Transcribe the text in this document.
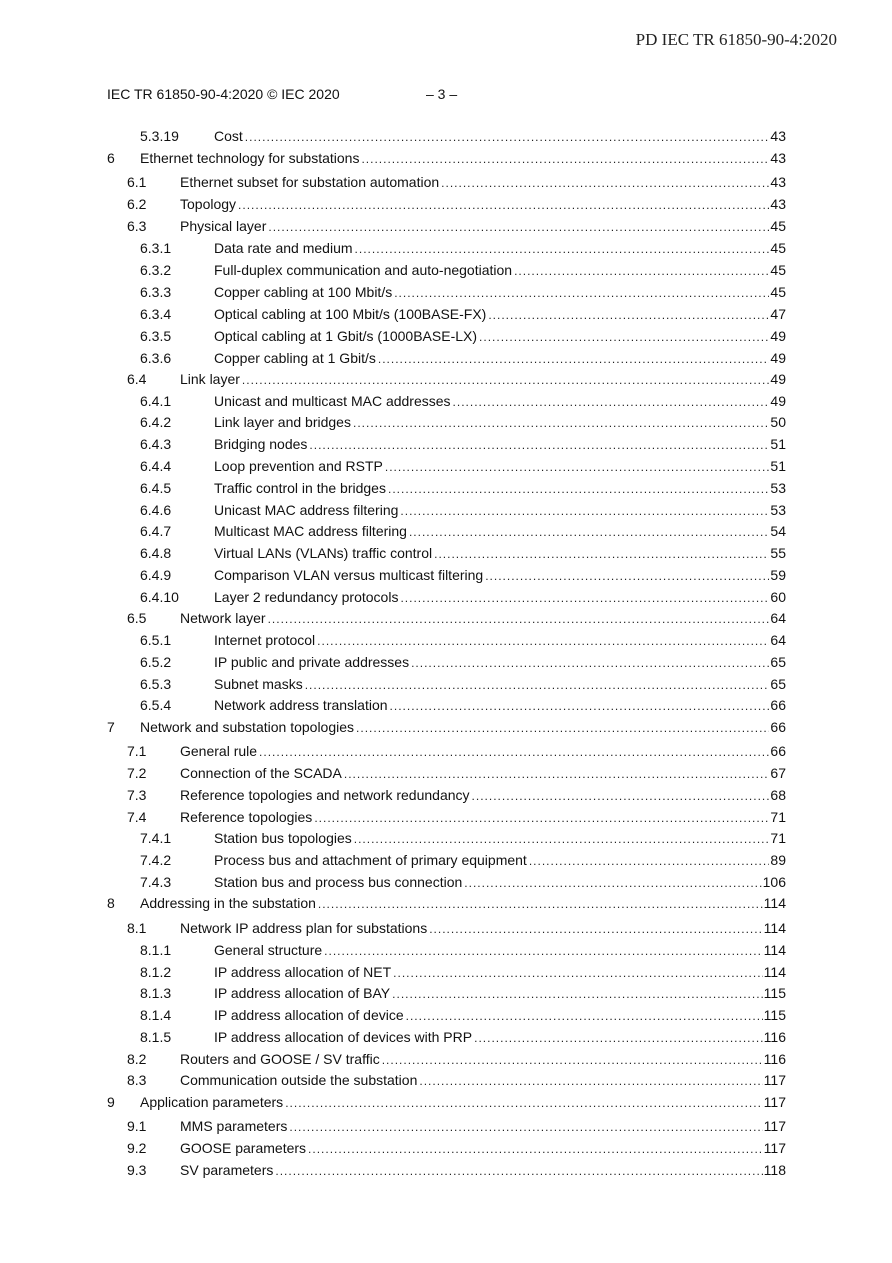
PD IEC TR 61850-90-4:2020
IEC TR 61850-90-4:2020 © IEC 2020	– 3 –
5.3.19	Cost .....	43
6 Ethernet technology for substations .....	43
6.1 Ethernet subset for substation automation .....	43
6.2 Topology .....	43
6.3 Physical layer .....	45
6.3.1	Data rate and medium .....	45
6.3.2	Full-duplex communication and auto-negotiation .....	45
6.3.3	Copper cabling at 100 Mbit/s .....	45
6.3.4	Optical cabling at 100 Mbit/s (100BASE-FX) .....	47
6.3.5	Optical cabling at 1 Gbit/s (1000BASE-LX) .....	49
6.3.6	Copper cabling at 1 Gbit/s .....	49
6.4 Link layer .....	49
6.4.1	Unicast and multicast MAC addresses .....	49
6.4.2	Link layer and bridges .....	50
6.4.3	Bridging nodes .....	51
6.4.4	Loop prevention and RSTP .....	51
6.4.5	Traffic control in the bridges .....	53
6.4.6	Unicast MAC address filtering .....	53
6.4.7	Multicast MAC address filtering .....	54
6.4.8	Virtual LANs (VLANs) traffic control .....	55
6.4.9	Comparison VLAN versus multicast filtering .....	59
6.4.10	Layer 2 redundancy protocols .....	60
6.5 Network layer .....	64
6.5.1	Internet protocol .....	64
6.5.2	IP public and private addresses .....	65
6.5.3	Subnet masks .....	65
6.5.4	Network address translation .....	66
7 Network and substation topologies .....	66
7.1 General rule .....	66
7.2 Connection of the SCADA .....	67
7.3 Reference topologies and network redundancy .....	68
7.4 Reference topologies .....	71
7.4.1	Station bus topologies .....	71
7.4.2	Process bus and attachment of primary equipment .....	89
7.4.3	Station bus and process bus connection .....	106
8 Addressing in the substation .....	114
8.1 Network IP address plan for substations .....	114
8.1.1	General structure .....	114
8.1.2	IP address allocation of NET .....	114
8.1.3	IP address allocation of BAY .....	115
8.1.4	IP address allocation of device .....	115
8.1.5	IP address allocation of devices with PRP .....	116
8.2 Routers and GOOSE / SV traffic .....	116
8.3 Communication outside the substation .....	117
9 Application parameters .....	117
9.1 MMS parameters .....	117
9.2 GOOSE parameters .....	117
9.3 SV parameters .....	118
